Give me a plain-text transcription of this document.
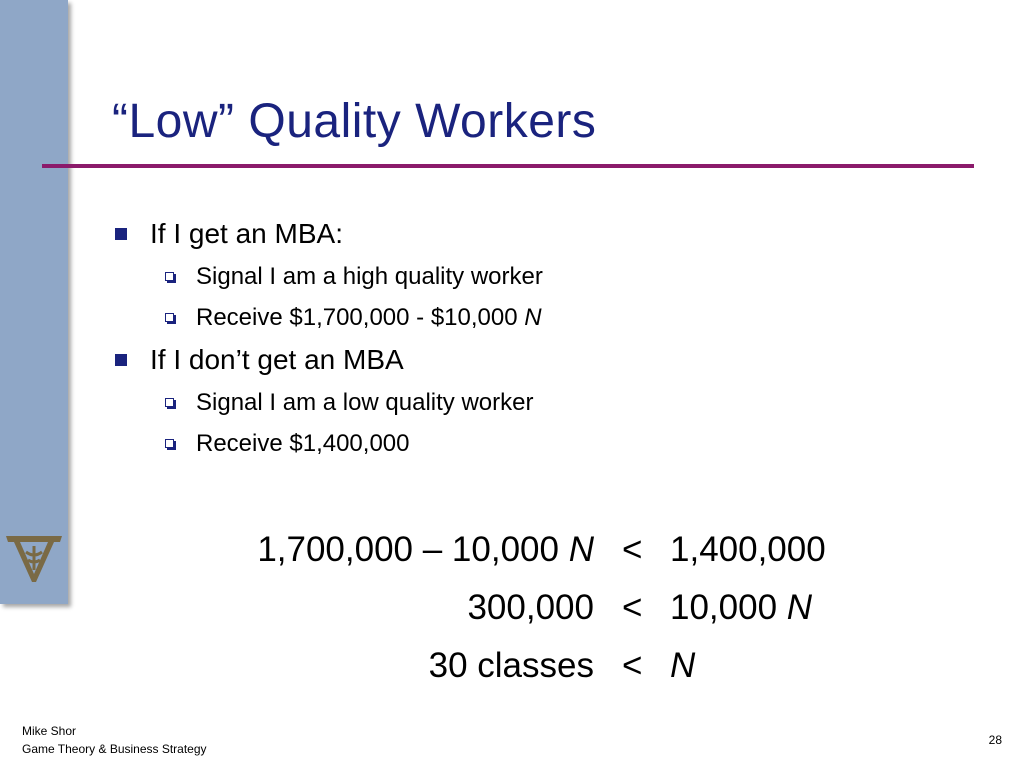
“Low” Quality Workers
If I get an MBA:
Signal I am a high quality worker
Receive $1,700,000 - $10,000 N
If I don’t get an MBA
Signal I am a low quality worker
Receive $1,400,000
1,700,000 – 10,000 N < 1,400,000
300,000 < 10,000 N
30 classes < N
Mike Shor
Game Theory & Business Strategy
28
